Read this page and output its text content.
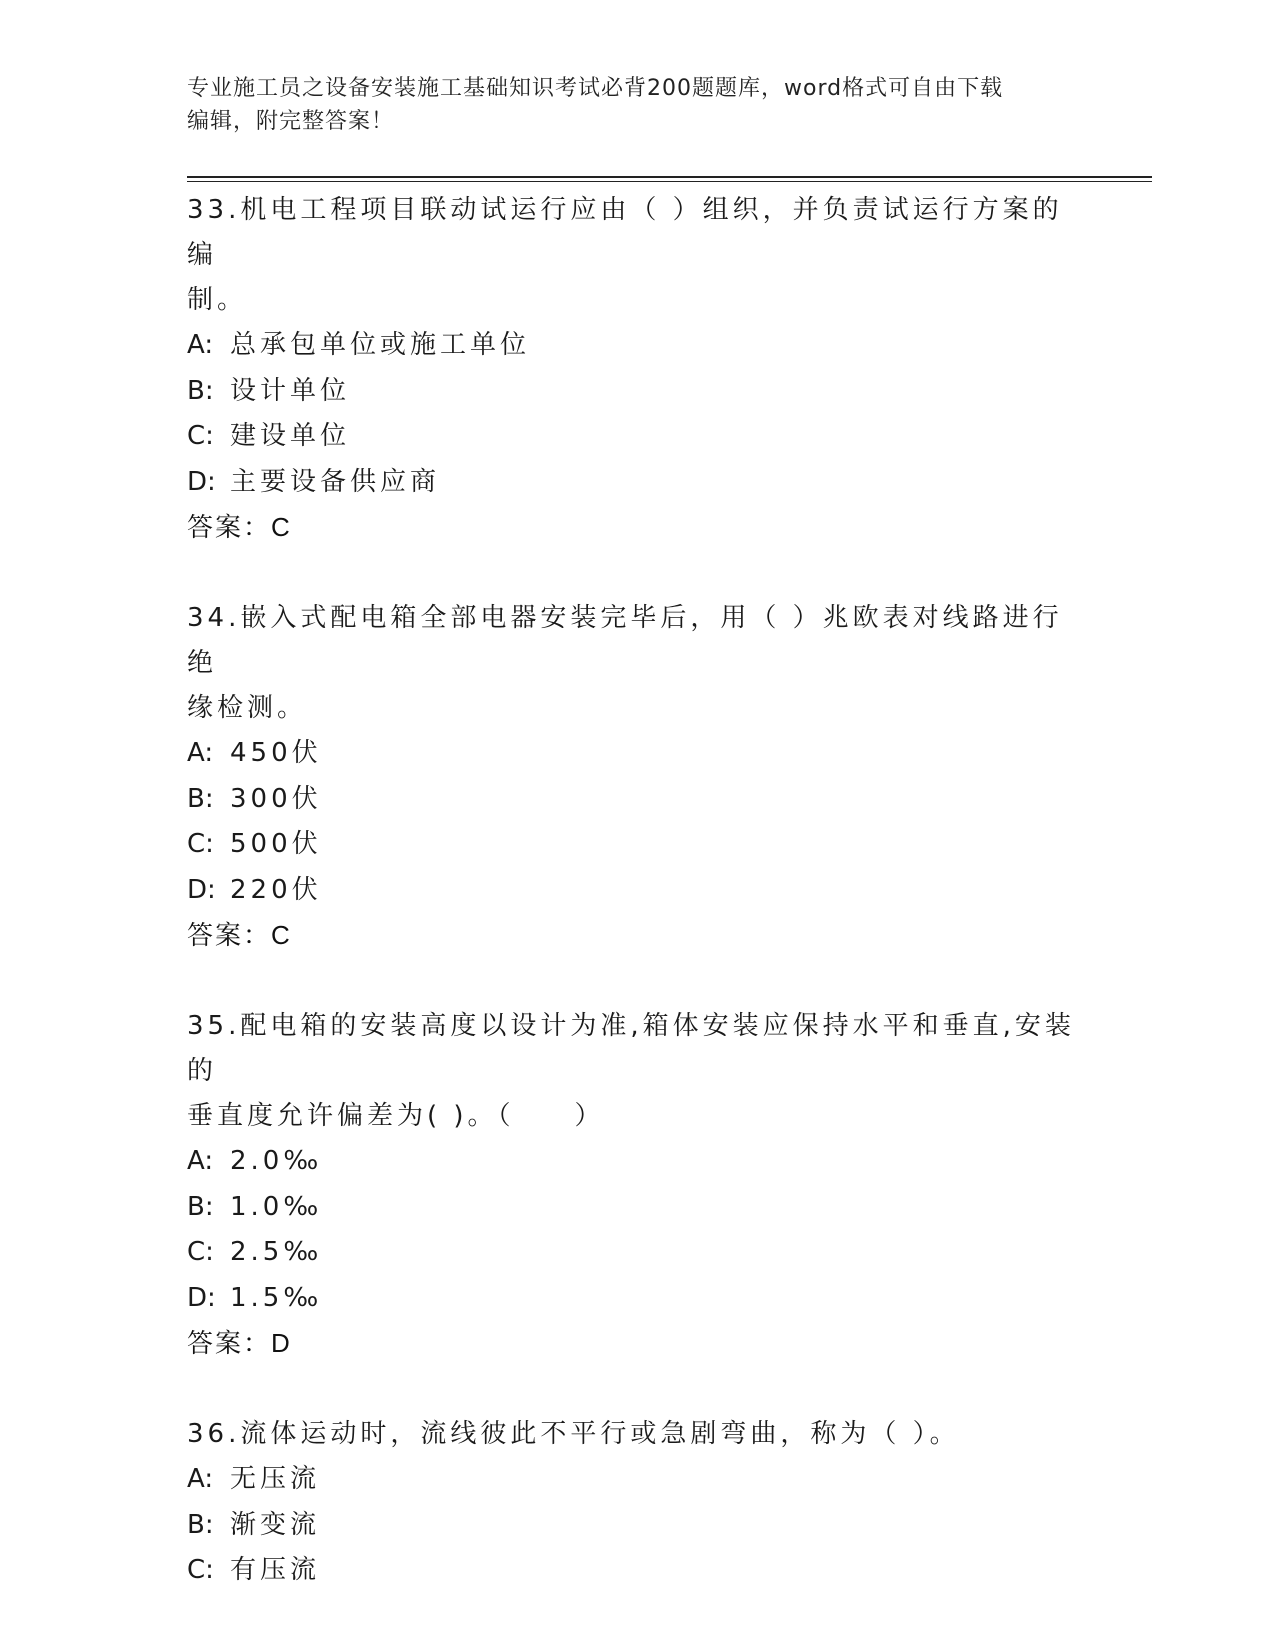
专业施工员之设备安装施工基础知识考试必背200题题库，word格式可自由下载
编辑，附完整答案！
33.机电工程项目联动试运行应由（ ）组织，并负责试运行方案的编
制。
A: 总承包单位或施工单位
B: 设计单位
C: 建设单位
D: 主要设备供应商
答案：C
34.嵌入式配电箱全部电器安装完毕后，用（ ）兆欧表对线路进行绝
缘检测。
A: 450伏
B: 300伏
C: 500伏
D: 220伏
答案：C
35.配电箱的安装高度以设计为准,箱体安装应保持水平和垂直,安装的
垂直度允许偏差为( )。（　　）
A: 2.0‰
B: 1.0‰
C: 2.5‰
D: 1.5‰
答案：D
36.流体运动时，流线彼此不平行或急剧弯曲，称为（ ）。
A: 无压流
B: 渐变流
C: 有压流
